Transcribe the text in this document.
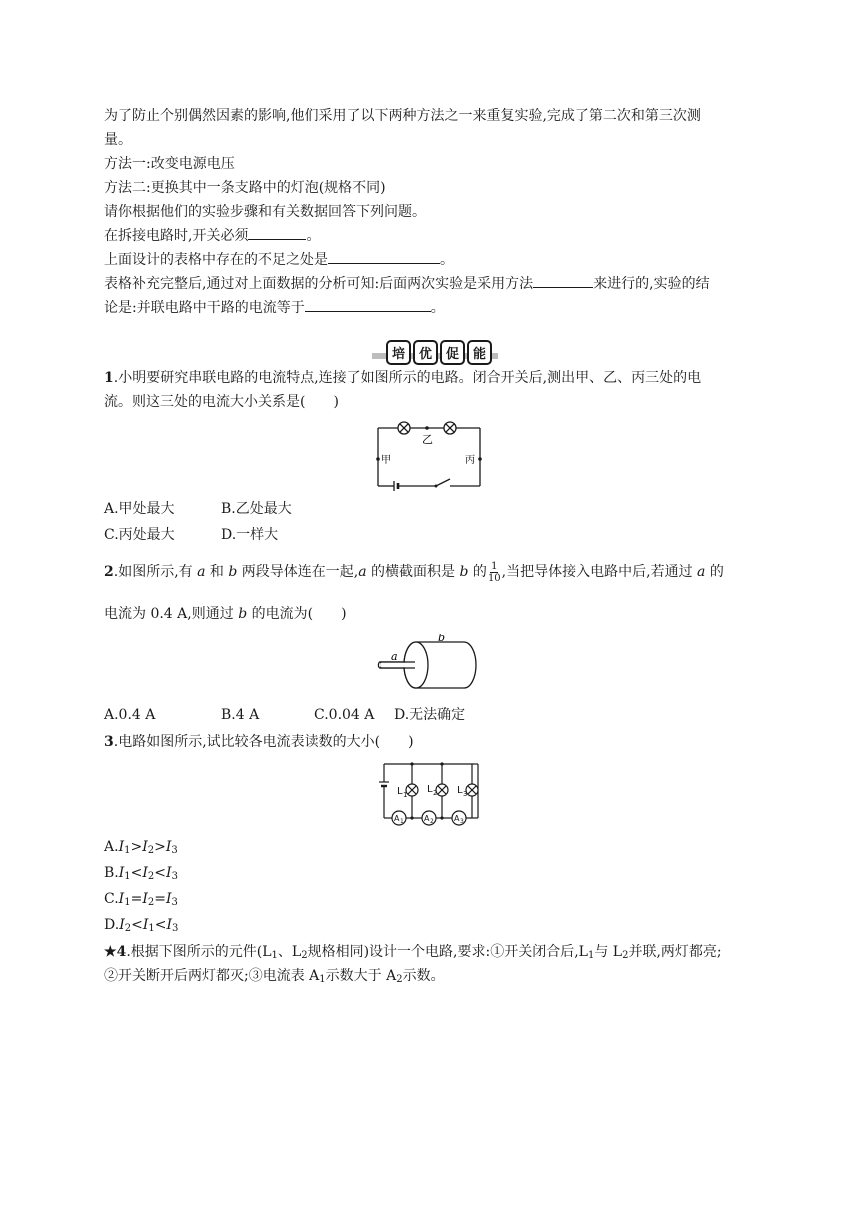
为了防止个别偶然因素的影响,他们采用了以下两种方法之一来重复实验,完成了第二次和第三次测
量。
方法一:改变电源电压
方法二:更换其中一条支路中的灯泡(规格不同)
请你根据他们的实验步骤和有关数据回答下列问题。
在拆接电路时,开关必须	。
上面设计的表格中存在的不足之处是	。
表格补充完整后,通过对上面数据的分析可知:后面两次实验是采用方法	来进行的,实验的结
论是:并联电路中干路的电流等于	。
培	优	促	能
1.小明要研究串联电路的电流特点,连接了如图所示的电路。闭合开关后,测出甲、乙、丙三处的电
流。则这三处的电流大小关系是(　　)
乙
甲	丙
A.甲处最大	B.乙处最大
C.丙处最大	D.一样大
2.如图所示,有 a 和 b 两段导体连在一起,a 的横截面积是 b 的 $\frac{1}{10}$ ,当把导体接入电路中后,若通过 a 的
电流为 0.4 A,则通过 b 的电流为(　　)
a
b
A.0.4 A	B.4 A	C.0.04 A	D.无法确定
3.电路如图所示,试比较各电流表读数的大小(　　)
L 1 L 2 L 3
A 1	A 2	A 3
$A.I_1>I_2>I_3$
$B.I_1<I_2<I_3$
$C.I_1=I_2=I_3$
$D.I_2<I_1<I_3$
★4.根据下图所示的元件($L_1$、$L_2$规格相同)设计一个电路,要求:①开关闭合后$,L_1$与 $L_2$并联,两灯都亮;
②开关断开后两灯都灭;③电流表 $A_1$示数大于 $A_2$示数。
